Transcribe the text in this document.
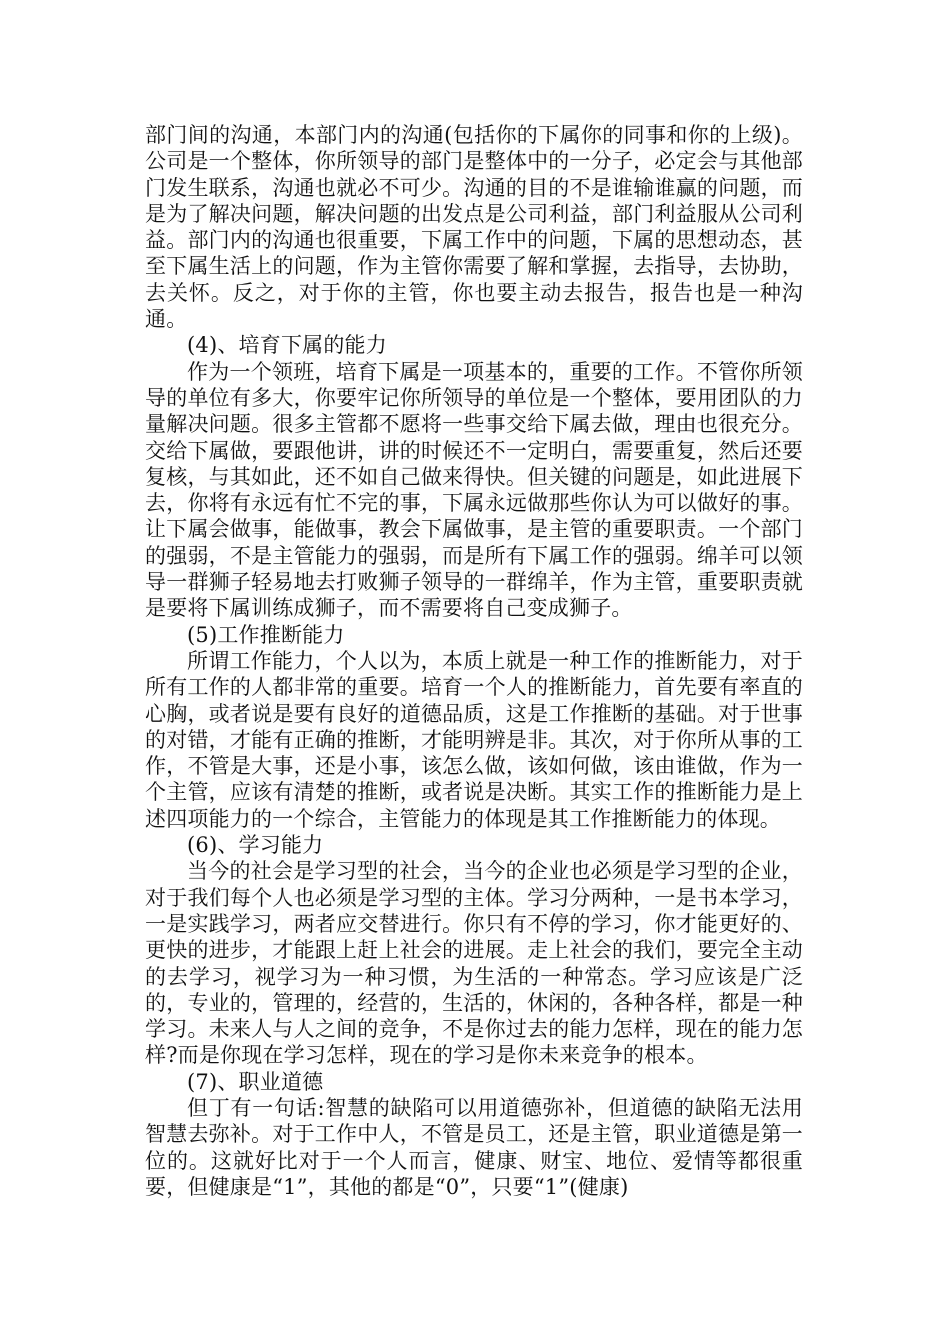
部门间的沟通，本部门内的沟通(包括你的下属你的同事和你的上级)。公司是一个整体，你所领导的部门是整体中的一分子，必定会与其他部门发生联系，沟通也就必不可少。沟通的目的不是谁输谁赢的问题，而是为了解决问题，解决问题的出发点是公司利益，部门利益服从公司利益。部门内的沟通也很重要，下属工作中的问题，下属的思想动态，甚至下属生活上的问题，作为主管你需要了解和掌握，去指导，去协助，去关怀。反之，对于你的主管，你也要主动去报告，报告也是一种沟通。

(4)、培育下属的能力

作为一个领班，培育下属是一项基本的，重要的工作。不管你所领导的单位有多大，你要牢记你所领导的单位是一个整体，要用团队的力量解决问题。很多主管都不愿将一些事交给下属去做，理由也很充分。交给下属做，要跟他讲，讲的时候还不一定明白，需要重复，然后还要复核，与其如此，还不如自己做来得快。但关键的问题是，如此进展下去，你将有永远有忙不完的事，下属永远做那些你认为可以做好的事。让下属会做事，能做事，教会下属做事，是主管的重要职责。一个部门的强弱，不是主管能力的强弱，而是所有下属工作的强弱。绵羊可以领导一群狮子轻易地去打败狮子领导的一群绵羊，作为主管，重要职责就是要将下属训练成狮子，而不需要将自己变成狮子。

(5)工作推断能力

所谓工作能力，个人以为，本质上就是一种工作的推断能力，对于所有工作的人都非常的重要。培育一个人的推断能力，首先要有率直的心胸，或者说是要有良好的道德品质，这是工作推断的基础。对于世事的对错，才能有正确的推断，才能明辨是非。其次，对于你所从事的工作，不管是大事，还是小事，该怎么做，该如何做，该由谁做，作为一个主管，应该有清楚的推断，或者说是决断。其实工作的推断能力是上述四项能力的一个综合，主管能力的体现是其工作推断能力的体现。

(6)、学习能力

当今的社会是学习型的社会，当今的企业也必须是学习型的企业，对于我们每个人也必须是学习型的主体。学习分两种，一是书本学习，一是实践学习，两者应交替进行。你只有不停的学习，你才能更好的、更快的进步，才能跟上赶上社会的进展。走上社会的我们，要完全主动的去学习，视学习为一种习惯，为生活的一种常态。学习应该是广泛的，专业的，管理的，经营的，生活的，休闲的，各种各样，都是一种学习。未来人与人之间的竞争，不是你过去的能力怎样，现在的能力怎样?而是你现在学习怎样，现在的学习是你未来竞争的根本。

(7)、职业道德

但丁有一句话:智慧的缺陷可以用道德弥补，但道德的缺陷无法用智慧去弥补。对于工作中人，不管是员工，还是主管，职业道德是第一位的。这就好比对于一个人而言，健康、财宝、地位、爱情等都很重要，但健康是“1”，其他的都是“0”，只要“1”(健康)
